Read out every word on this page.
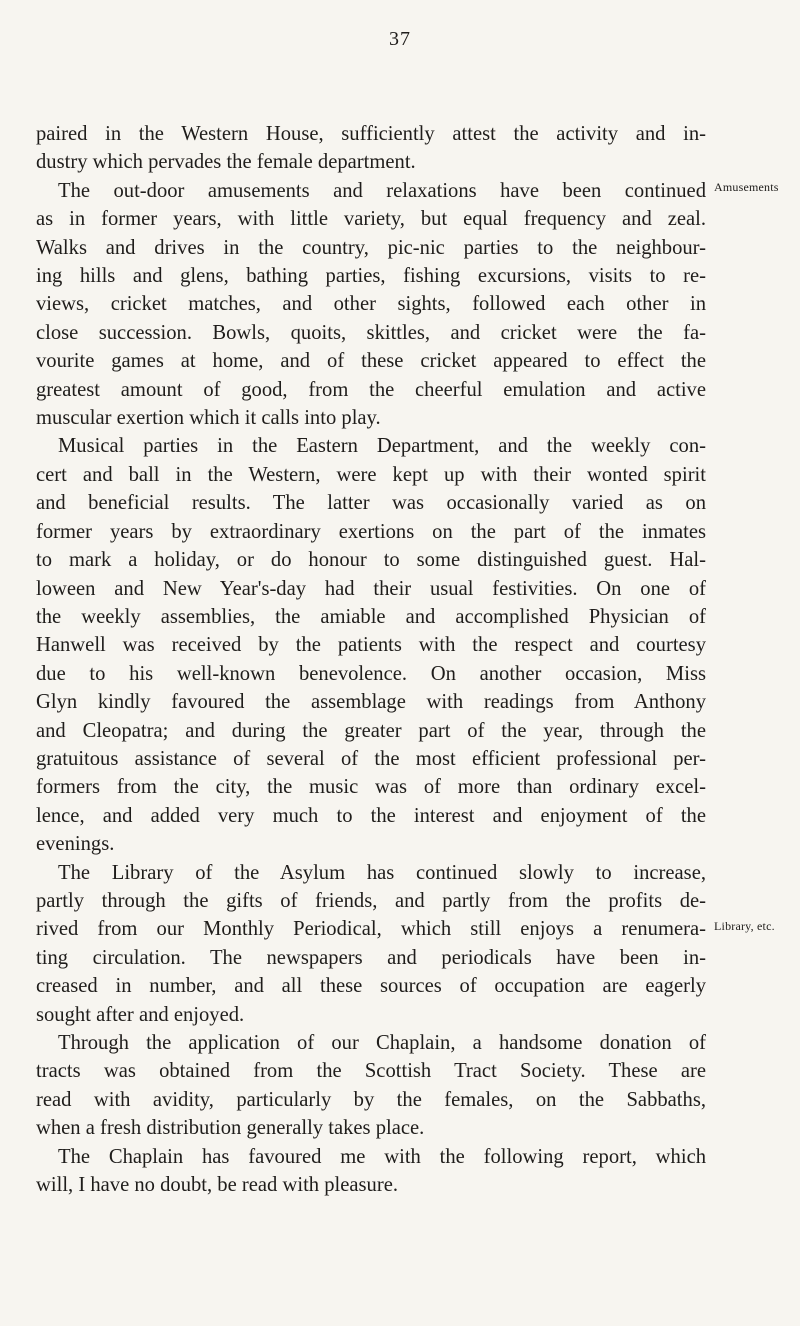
37
paired in the Western House, sufficiently attest the activity and in-
dustry which pervades the female department.
The out-door amusements and relaxations have been continued
as in former years, with little variety, but equal frequency and zeal.
Walks and drives in the country, pic-nic parties to the neighbour-
ing hills and glens, bathing parties, fishing excursions, visits to re-
views, cricket matches, and other sights, followed each other in
close succession. Bowls, quoits, skittles, and cricket were the fa-
vourite games at home, and of these cricket appeared to effect the
greatest amount of good, from the cheerful emulation and active
muscular exertion which it calls into play.
Musical parties in the Eastern Department, and the weekly con-
cert and ball in the Western, were kept up with their wonted spirit
and beneficial results. The latter was occasionally varied as on
former years by extraordinary exertions on the part of the inmates
to mark a holiday, or do honour to some distinguished guest. Hal-
loween and New Year's-day had their usual festivities. On one of
the weekly assemblies, the amiable and accomplished Physician of
Hanwell was received by the patients with the respect and courtesy
due to his well-known benevolence. On another occasion, Miss
Glyn kindly favoured the assemblage with readings from Anthony
and Cleopatra; and during the greater part of the year, through the
gratuitous assistance of several of the most efficient professional per-
formers from the city, the music was of more than ordinary excel-
lence, and added very much to the interest and enjoyment of the
evenings.
The Library of the Asylum has continued slowly to increase,
partly through the gifts of friends, and partly from the profits de-
rived from our Monthly Periodical, which still enjoys a renumera-
ting circulation. The newspapers and periodicals have been in-
creased in number, and all these sources of occupation are eagerly
sought after and enjoyed.
Through the application of our Chaplain, a handsome donation of
tracts was obtained from the Scottish Tract Society. These are
read with avidity, particularly by the females, on the Sabbaths,
when a fresh distribution generally takes place.
The Chaplain has favoured me with the following report, which
will, I have no doubt, be read with pleasure.
Amusements
Library, etc.
